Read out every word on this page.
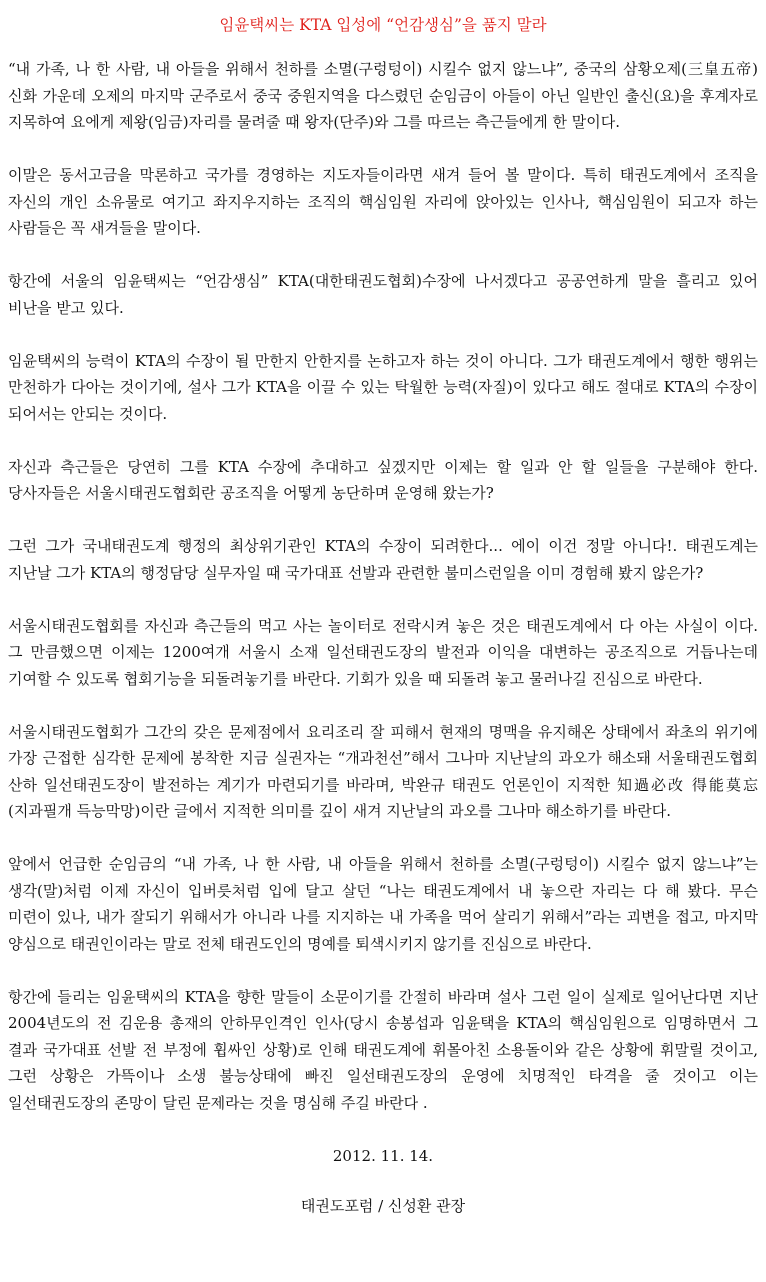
임윤택씨는 KTA 입성에 “언감생심”을 품지 말라

“내 가족, 나 한 사람, 내 아들을 위해서 천하를 소멸(구렁텅이) 시킬수 없지 않느냐”, 중국의 삼황오제(三皇五帝) 신화 가운데 오제의 마지막 군주로서 중국 중원지역을 다스렸던 순임금이 아들이 아닌 일반인 출신(요)을 후계자로 지목하여 요에게 제왕(임금)자리를 물려줄 때 왕자(단주)와 그를 따르는 측근들에게 한 말이다.

이말은 동서고금을 막론하고 국가를 경영하는 지도자들이라면 새겨 들어 볼 말이다. 특히 태권도계에서 조직을 자신의 개인 소유물로 여기고 좌지우지하는 조직의 핵심임원 자리에 앉아있는 인사나, 핵심임원이 되고자 하는 사람들은 꼭 새겨들을 말이다.

항간에 서울의 임윤택씨는 “언감생심” KTA(대한태권도협회)수장에 나서겠다고 공공연하게 말을 흘리고 있어 비난을 받고 있다.

임윤택씨의 능력이 KTA의 수장이 될 만한지 안한지를 논하고자 하는 것이 아니다. 그가 태권도계에서 행한 행위는 만천하가 다아는 것이기에, 설사 그가 KTA을 이끌 수 있는 탁월한 능력(자질)이 있다고 해도 절대로 KTA의 수장이 되어서는 안되는 것이다.

자신과 측근들은 당연히 그를 KTA 수장에 추대하고 싶겠지만 이제는 할 일과 안 할 일들을 구분해야 한다. 당사자들은 서울시태권도협회란 공조직을 어떻게 농단하며 운영해 왔는가?

그런 그가 국내태권도계 행정의 최상위기관인 KTA의 수장이 되려한다... 에이 이건 정말 아니다!. 태권도계는 지난날 그가 KTA의 행정담당 실무자일 때 국가대표 선발과 관련한 불미스런일을 이미 경험해 봤지 않은가?

서울시태권도협회를 자신과 측근들의 먹고 사는 놀이터로 전락시켜 놓은 것은 태권도계에서 다 아는 사실이 이다. 그 만큼했으면 이제는 1200여개 서울시 소재 일선태권도장의 발전과 이익을 대변하는 공조직으로 거듭나는데 기여할 수 있도록 협회기능을 되돌려놓기를 바란다. 기회가 있을 때 되돌려 놓고 물러나길 진심으로 바란다.

서울시태권도협회가 그간의 갖은 문제점에서 요리조리 잘 피해서 현재의 명맥을 유지해온 상태에서 좌초의 위기에 가장 근접한 심각한 문제에 봉착한 지금 실권자는 “개과천선”해서 그나마 지난날의 과오가 해소돼 서울태권도협회 산하 일선태권도장이 발전하는 계기가 마련되기를 바라며, 박완규 태권도 언론인이 지적한 知過必改 得能莫忘(지과필개 득능막망)이란 글에서 지적한 의미를 깊이 새겨 지난날의 과오를 그나마 해소하기를 바란다.

앞에서 언급한 순임금의 “내 가족, 나 한 사람, 내 아들을 위해서 천하를 소멸(구렁텅이) 시킬수 없지 않느냐”는 생각(말)처럼 이제 자신이 입버릇처럼 입에 달고 살던 “나는 태권도계에서 내 놓으란 자리는 다 해 봤다. 무슨 미련이 있나, 내가 잘되기 위해서가 아니라 나를 지지하는 내 가족을 먹어 살리기 위해서”라는 괴변을 접고, 마지막 양심으로 태권인이라는 말로 전체 태권도인의 명예를 퇴색시키지 않기를 진심으로 바란다.

항간에 들리는 임윤택씨의 KTA을 향한 말들이 소문이기를 간절히 바라며 설사 그런 일이 실제로 일어난다면 지난 2004년도의 전 김운용 총재의 안하무인격인 인사(당시 송봉섭과 임윤택을 KTA의 핵심임원으로 임명하면서 그 결과 국가대표 선발 전 부정에 휩싸인 상황)로 인해 태권도계에 휘몰아친 소용돌이와 같은 상황에 휘말릴 것이고, 그런 상황은 가뜩이나 소생 불능상태에 빠진 일선태권도장의 운영에 치명적인 타격을 줄 것이고 이는 일선태권도장의 존망이 달린 문제라는 것을 명심해 주길 바란다 .

2012. 11. 14.

태권도포럼 / 신성환 관장
